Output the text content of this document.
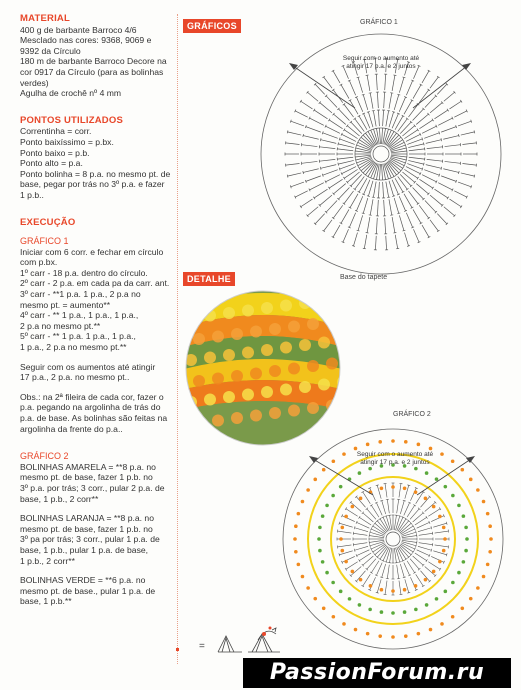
MATERIAL

400 g de barbante Barroco 4/6

Mesclado nas cores: 9368, 9069 e

9392 da Círculo

180 m de barbante Barroco Decore na

cor 0917 da Círculo (para as bolinhas

verdes)

Agulha de crochê nº 4 mm

PONTOS UTILIZADOS

Correntinha = corr.

Ponto baixíssimo = p.bx.

Ponto baixo = p.b.

Ponto alto = p.a.

Ponto bolinha = 8 p.a. no mesmo pt. de

base, pegar por trás no 3º p.a. e fazer

1 p.b..

EXECUÇÃO

GRÁFICO 1

Iniciar com 6 corr. e fechar em círculo

com p.bx.

1º carr - 18 p.a. dentro do círculo.

2º carr - 2 p.a. em cada pa da carr. ant.

3º carr - **1 p.a. 1 p.a., 2 p.a no

mesmo pt. = aumento**

4º carr - ** 1 p.a., 1 p.a., 1 p.a.,

2 p.a no mesmo pt.**

5º carr - ** 1 p.a. 1 p.a., 1 p.a.,

1 p.a., 2 p.a no mesmo pt.**

Seguir com os aumentos até atingir

17 p.a., 2 p.a. no mesmo pt..

Obs.: na 2ª fileira de cada cor, fazer o

p.a. pegando na argolinha de trás do

p.a. de base. As bolinhas são feitas na

argolinha da frente do p.a..

GRÁFICO 2

BOLINHAS AMARELA = **8 p.a. no

mesmo pt. de base, fazer 1 p.b. no

3º p.a. por trás; 3 corr., pular 2 p.a. de

base, 1 p.b., 2 corr**

BOLINHAS LARANJA = **8 p.a. no

mesmo pt. de base, fazer 1 p.b. no

3º pa por trás; 3 corr., pular 1 p.a. de

base, 1 p.b., pular 1 p.a. de base,

1 p.b., 2 corr**

BOLINHAS VERDE = **6 p.a. no

mesmo pt. de base., pular 1 p.a. de

base, 1 p.b.**

GRÁFICOS	GRÁFICO 1
Seguir com o aumento até
atingir 17 p.a. e 2 juntos
DETALHE	Base do tapete
GRÁFICO 2
Seguir com o aumento até
atingir 17 p.a. e 2 juntos
=
PassionForum.ru
